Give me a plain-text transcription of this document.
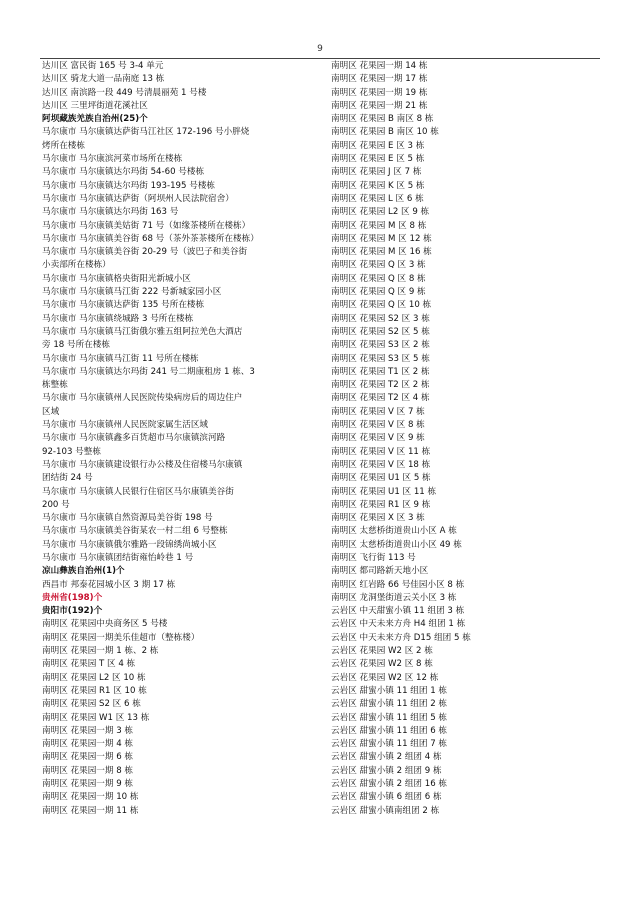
9
达川区 富民街 165 号 3-4 单元
达川区 骑龙大道一品南庭 13 栋
达川区 南滨路一段 449 号清晨丽苑 1 号楼
达川区 三里坪街道花溪社区
阿坝藏族羌族自治州(25)个
马尔康市 马尔康镇达萨街马江社区 172-196 号小胖烧
烤所在楼栋
马尔康市 马尔康滨河菜市场所在楼栋
马尔康市 马尔康镇达尔玛街 54-60 号楼栋
马尔康市 马尔康镇达尔玛街 193-195 号楼栋
马尔康市 马尔康镇达萨街（阿坝州人民法院宿舍）
马尔康市 马尔康镇达尔玛街 163 号
马尔康市 马尔康镇美姑街 71 号（如缘茶楼所在楼栋）
马尔康市 马尔康镇美谷街 68 号（茶外茶茶楼所在楼栋）
马尔康市 马尔康镇美谷街 20-29 号（波巴子和美谷街
小卖部所在楼栋）
马尔康市 马尔康镇格央街阳光新城小区
马尔康市 马尔康镇马江街 222 号新城家园小区
马尔康市 马尔康镇达萨街 135 号所在楼栋
马尔康市 马尔康镇绕城路 3 号所在楼栋
马尔康市 马尔康镇马江街俄尔雅五组阿拉羌色大酒店
旁 18 号所在楼栋
马尔康市 马尔康镇马江街 11 号所在楼栋
马尔康市 马尔康镇达尔玛街 241 号二期康租房 1 栋、3
栋整栋
马尔康市 马尔康镇州人民医院传染病房后的周边住户
区域
马尔康市 马尔康镇州人民医院家属生活区域
马尔康市 马尔康镇鑫多百货超市马尔康镇滨河路
92-103 号整栋
马尔康市 马尔康镇建设银行办公楼及住宿楼马尔康镇
团结街 24 号
马尔康市 马尔康镇人民银行住宿区马尔康镇美谷街
200 号
马尔康市 马尔康镇自然资源局美谷街 198 号
马尔康市 马尔康镇美谷街某农一村二组 6 号整栋
马尔康市 马尔康镇俄尔雅路一段锦绣尚城小区
马尔康市 马尔康镇团结街雍怡岭巷 1 号
凉山彝族自治州(1)个
西昌市 邦泰花园城小区 3 期 17 栋
贵州省(198)个
贵阳市(192)个
南明区 花果园中央商务区 5 号楼
南明区 花果园一期美乐佳超市（整栋楼）
南明区 花果园一期 1 栋、2 栋
南明区 花果园 T 区 4 栋
南明区 花果园 L2 区 10 栋
南明区 花果园 R1 区 10 栋
南明区 花果园 S2 区 6 栋
南明区 花果园 W1 区 13 栋
南明区 花果园一期 3 栋
南明区 花果园一期 4 栋
南明区 花果园一期 6 栋
南明区 花果园一期 8 栋
南明区 花果园一期 9 栋
南明区 花果园一期 10 栋
南明区 花果园一期 11 栋
南明区 花果园一期 14 栋
南明区 花果园一期 17 栋
南明区 花果园一期 19 栋
南明区 花果园一期 21 栋
南明区 花果园 B 南区 8 栋
南明区 花果园 B 南区 10 栋
南明区 花果园 E 区 3 栋
南明区 花果园 E 区 5 栋
南明区 花果园 J 区 7 栋
南明区 花果园 K 区 5 栋
南明区 花果园 L 区 6 栋
南明区 花果园 L2 区 9 栋
南明区 花果园 M 区 8 栋
南明区 花果园 M 区 12 栋
南明区 花果园 M 区 16 栋
南明区 花果园 Q 区 3 栋
南明区 花果园 Q 区 8 栋
南明区 花果园 Q 区 9 栋
南明区 花果园 Q 区 10 栋
南明区 花果园 S2 区 3 栋
南明区 花果园 S2 区 5 栋
南明区 花果园 S3 区 2 栋
南明区 花果园 S3 区 5 栋
南明区 花果园 T1 区 2 栋
南明区 花果园 T2 区 2 栋
南明区 花果园 T2 区 4 栋
南明区 花果园 V 区 7 栋
南明区 花果园 V 区 8 栋
南明区 花果园 V 区 9 栋
南明区 花果园 V 区 11 栋
南明区 花果园 V 区 18 栋
南明区 花果园 U1 区 5 栋
南明区 花果园 U1 区 11 栋
南明区 花果园 R1 区 9 栋
南明区 花果园 X 区 3 栋
南明区 太慈桥街道贵山小区 A 栋
南明区 太慈桥街道贵山小区 49 栋
南明区 飞行街 113 号
南明区 都司路新天地小区
南明区 红岩路 66 号佳园小区 8 栋
南明区 龙洞堡街道云关小区 3 栋
云岩区 中天甜蜜小镇 11 组团 3 栋
云岩区 中天未来方舟 H4 组团 1 栋
云岩区 中天未来方舟 D15 组团 5 栋
云岩区 花果园 W2 区 2 栋
云岩区 花果园 W2 区 8 栋
云岩区 花果园 W2 区 12 栋
云岩区 甜蜜小镇 11 组团 1 栋
云岩区 甜蜜小镇 11 组团 2 栋
云岩区 甜蜜小镇 11 组团 5 栋
云岩区 甜蜜小镇 11 组团 6 栋
云岩区 甜蜜小镇 11 组团 7 栋
云岩区 甜蜜小镇 2 组团 4 栋
云岩区 甜蜜小镇 2 组团 9 栋
云岩区 甜蜜小镇 2 组团 16 栋
云岩区 甜蜜小镇 6 组团 6 栋
云岩区 甜蜜小镇南组团 2 栋
